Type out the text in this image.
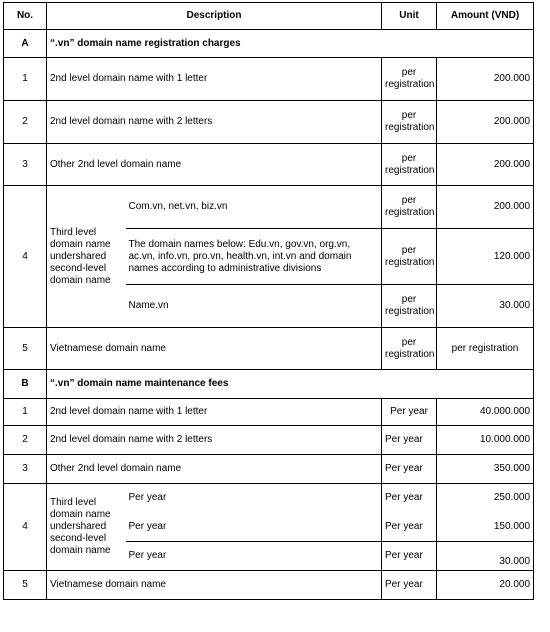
No.	Description		Unit	Amount (VND)
A	“.vn” domain name registration charges			
1	2nd level domain name with 1 letter		per registration	200.000
2	2nd level domain name with 2 letters		per registration	200.000
3	Other 2nd level domain name		per registration	200.000
4	Third level domain name undershared second-level domain name	Com.vn, net.vn, biz.vn	per registration	200.000
		The domain names below: Edu.vn, gov.vn, org.vn, ac.vn, info.vn, pro.vn, health.vn, int.vn and domain names according to administrative divisions	per registration	120.000
		Name.vn	per registration	30.000
5	Vietnamese domain name		per registration	per registration
B	“.vn” domain name maintenance fees			
1	2nd level domain name with 1 letter		Per year	40.000.000
2	2nd level domain name with 2 letters		Per year	10.000.000
3	Other 2nd level domain name		Per year	350.000
4	Third level domain name undershared second-level domain name	Per year	Per year	250.000
		Per year	Per year	150.000
		Per year	Per year	30.000
5	Vietnamese domain name		Per year	20.000
